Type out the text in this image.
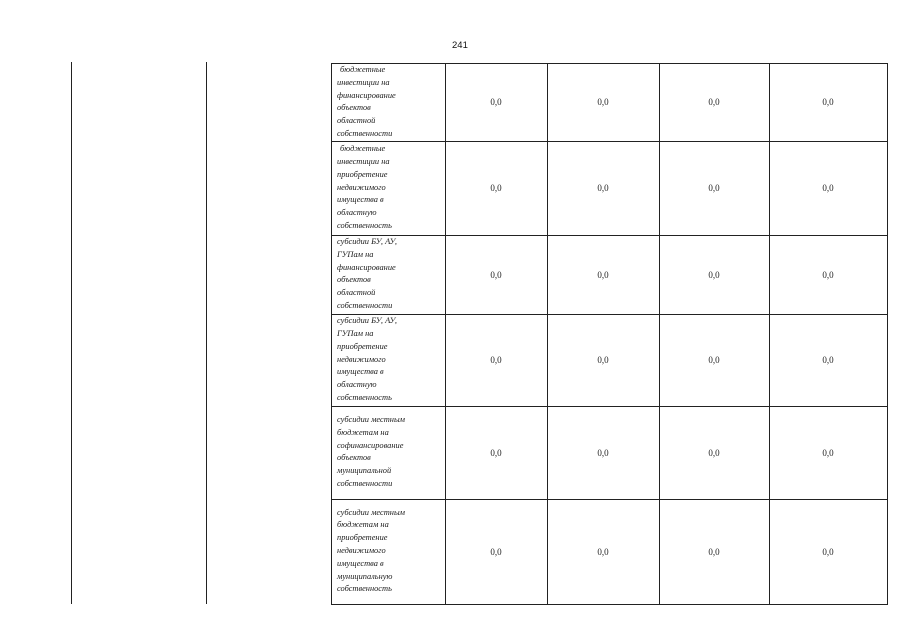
241
бюджетные
инвестиции на
финансирование
объектов
областной
собственности
0,0	0,0	0,0	0,0
бюджетные
инвестиции на
приобретение
недвижимого
имущества в
областную
собственность
0,0	0,0	0,0	0,0
субсидии БУ, АУ,
ГУПам на
финансирование
объектов
областной
собственности
0,0	0,0	0,0	0,0
субсидии БУ, АУ,
ГУПам на
приобретение
недвижимого
имущества в
областную
собственность
0,0	0,0	0,0	0,0
субсидии местным
бюджетам на
софинансирование
объектов
муниципальной
собственности
0,0	0,0	0,0	0,0
субсидии местным
бюджетам на
приобретение
недвижимого
имущества в
муниципальную
собственность
0,0	0,0	0,0	0,0
